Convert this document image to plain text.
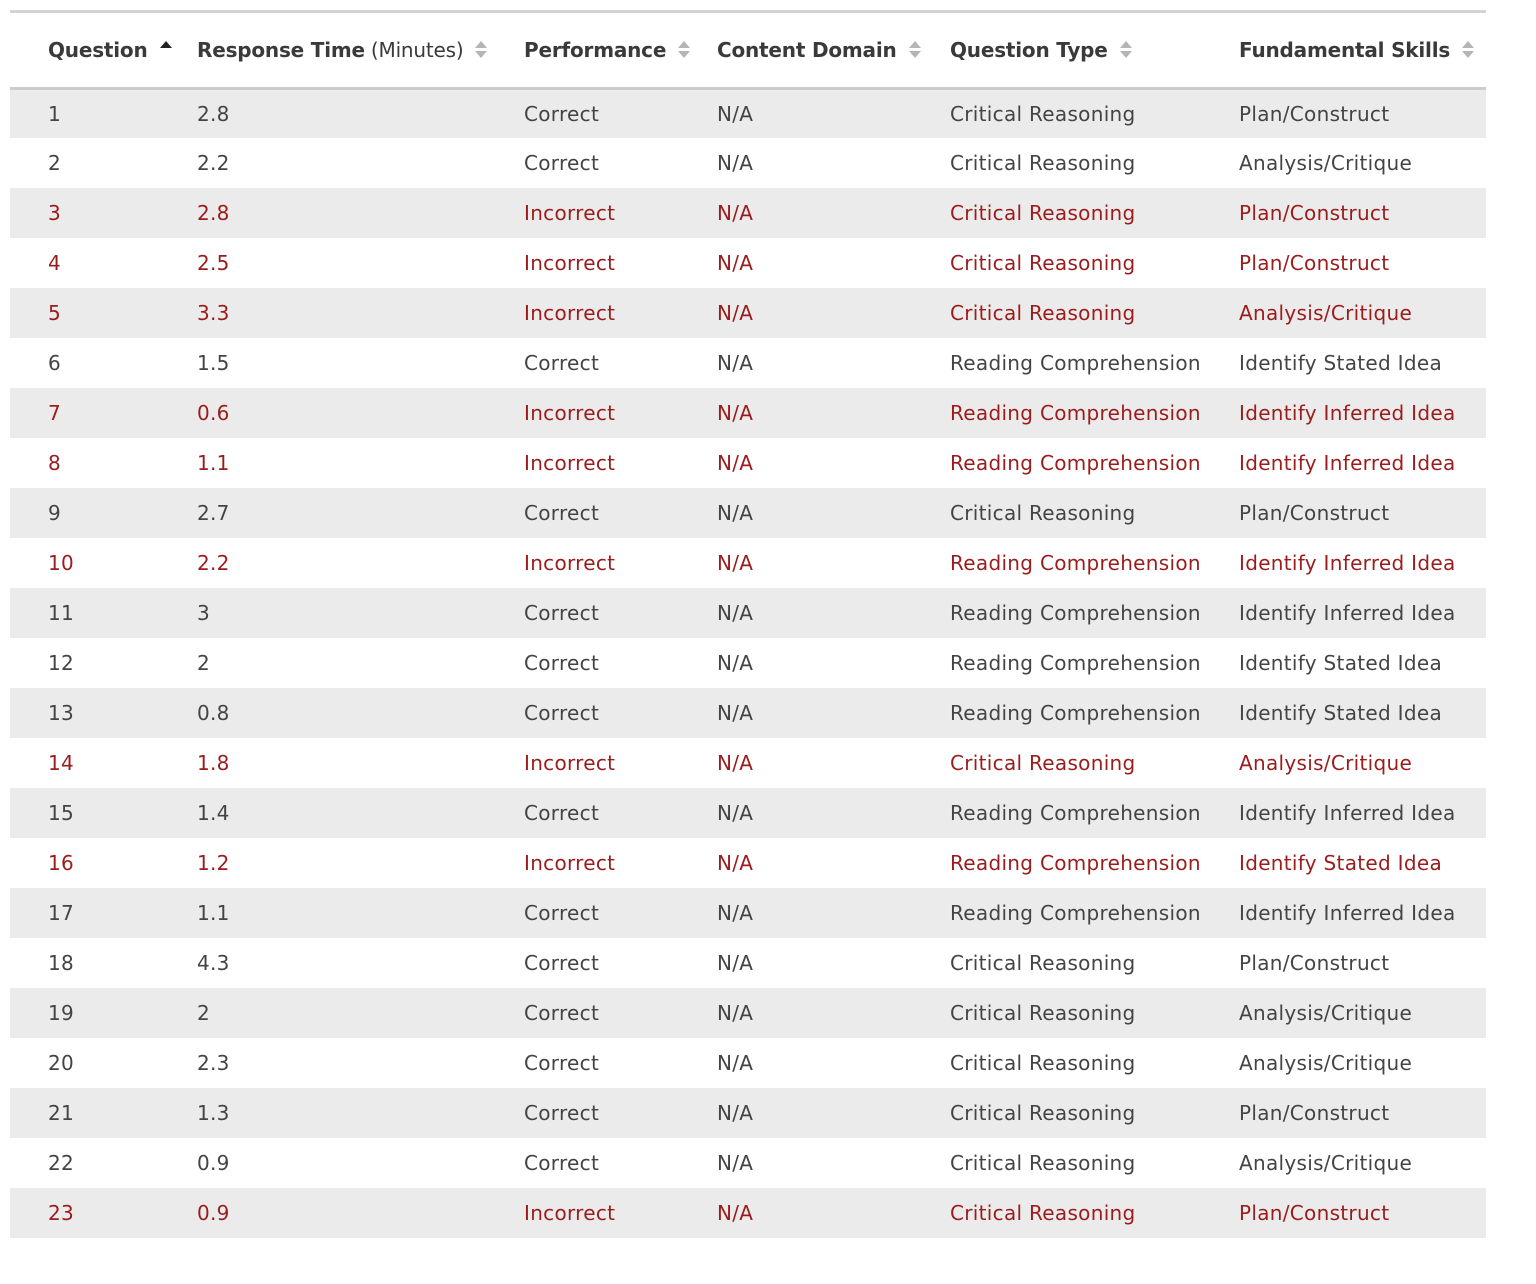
Question	Response Time (Minutes)	Performance	Content Domain	Question Type	Fundamental Skills

1	2.8	Correct	N/A	Critical Reasoning	Plan/Construct
2	2.2	Correct	N/A	Critical Reasoning	Analysis/Critique
3	2.8	Incorrect	N/A	Critical Reasoning	Plan/Construct
4	2.5	Incorrect	N/A	Critical Reasoning	Plan/Construct
5	3.3	Incorrect	N/A	Critical Reasoning	Analysis/Critique
6	1.5	Correct	N/A	Reading Comprehension	Identify Stated Idea
7	0.6	Incorrect	N/A	Reading Comprehension	Identify Inferred Idea
8	1.1	Incorrect	N/A	Reading Comprehension	Identify Inferred Idea
9	2.7	Correct	N/A	Critical Reasoning	Plan/Construct
10	2.2	Incorrect	N/A	Reading Comprehension	Identify Inferred Idea
11	3	Correct	N/A	Reading Comprehension	Identify Inferred Idea
12	2	Correct	N/A	Reading Comprehension	Identify Stated Idea
13	0.8	Correct	N/A	Reading Comprehension	Identify Stated Idea
14	1.8	Incorrect	N/A	Critical Reasoning	Analysis/Critique
15	1.4	Correct	N/A	Reading Comprehension	Identify Inferred Idea
16	1.2	Incorrect	N/A	Reading Comprehension	Identify Stated Idea
17	1.1	Correct	N/A	Reading Comprehension	Identify Inferred Idea
18	4.3	Correct	N/A	Critical Reasoning	Plan/Construct
19	2	Correct	N/A	Critical Reasoning	Analysis/Critique
20	2.3	Correct	N/A	Critical Reasoning	Analysis/Critique
21	1.3	Correct	N/A	Critical Reasoning	Plan/Construct
22	0.9	Correct	N/A	Critical Reasoning	Analysis/Critique
23	0.9	Incorrect	N/A	Critical Reasoning	Plan/Construct
